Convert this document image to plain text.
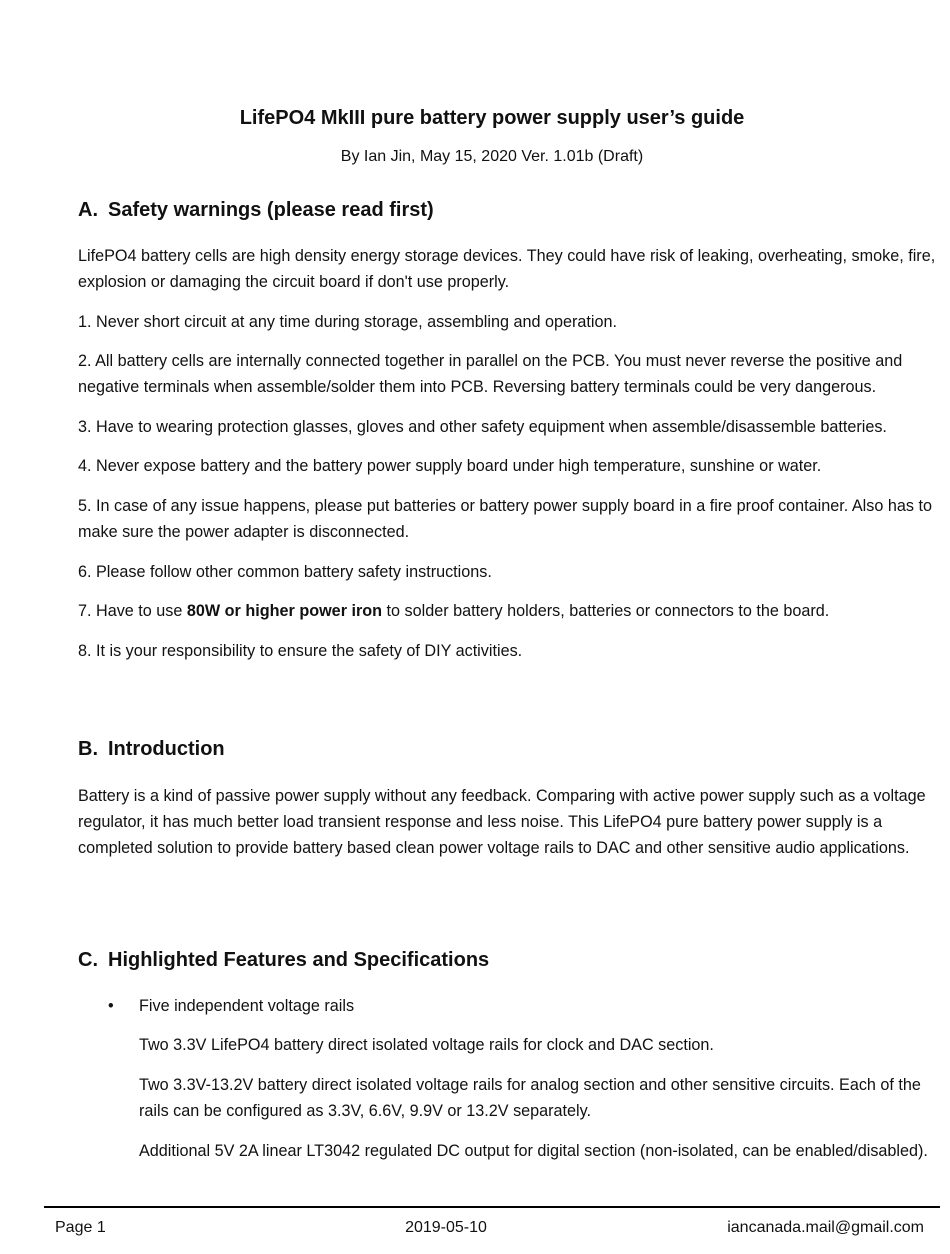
LifePO4 MkIII pure battery power supply user’s guide

By Ian Jin, May 15, 2020 Ver. 1.01b (Draft)

A. Safety warnings (please read first)

LifePO4 battery cells are high density energy storage devices. They could have risk of leaking, overheating, smoke, fire, explosion or damaging the circuit board if don't use properly.

1. Never short circuit at any time during storage, assembling and operation.

2. All battery cells are internally connected together in parallel on the PCB. You must never reverse the positive and negative terminals when assemble/solder them into PCB. Reversing battery terminals could be very dangerous.

3. Have to wearing protection glasses, gloves and other safety equipment when assemble/disassemble batteries.

4. Never expose battery and the battery power supply board under high temperature, sunshine or water.

5. In case of any issue happens, please put batteries or battery power supply board in a fire proof container. Also has to make sure the power adapter is disconnected.

6. Please follow other common battery safety instructions.

7. Have to use 80W or higher power iron to solder battery holders, batteries or connectors to the board.

8. It is your responsibility to ensure the safety of DIY activities.

B. Introduction

Battery is a kind of passive power supply without any feedback. Comparing with active power supply such as a voltage regulator, it has much better load transient response and less noise. This LifePO4 pure battery power supply is a completed solution to provide battery based clean power voltage rails to DAC and other sensitive audio applications.

C. Highlighted Features and Specifications

• Five independent voltage rails

Two 3.3V LifePO4 battery direct isolated voltage rails for clock and DAC section.

Two 3.3V-13.2V battery direct isolated voltage rails for analog section and other sensitive circuits. Each of the rails can be configured as 3.3V, 6.6V, 9.9V or 13.2V separately.

Additional 5V 2A linear LT3042 regulated DC output for digital section (non-isolated, can be enabled/disabled).

Page 1	2019-05-10	iancanada.mail@gmail.com
